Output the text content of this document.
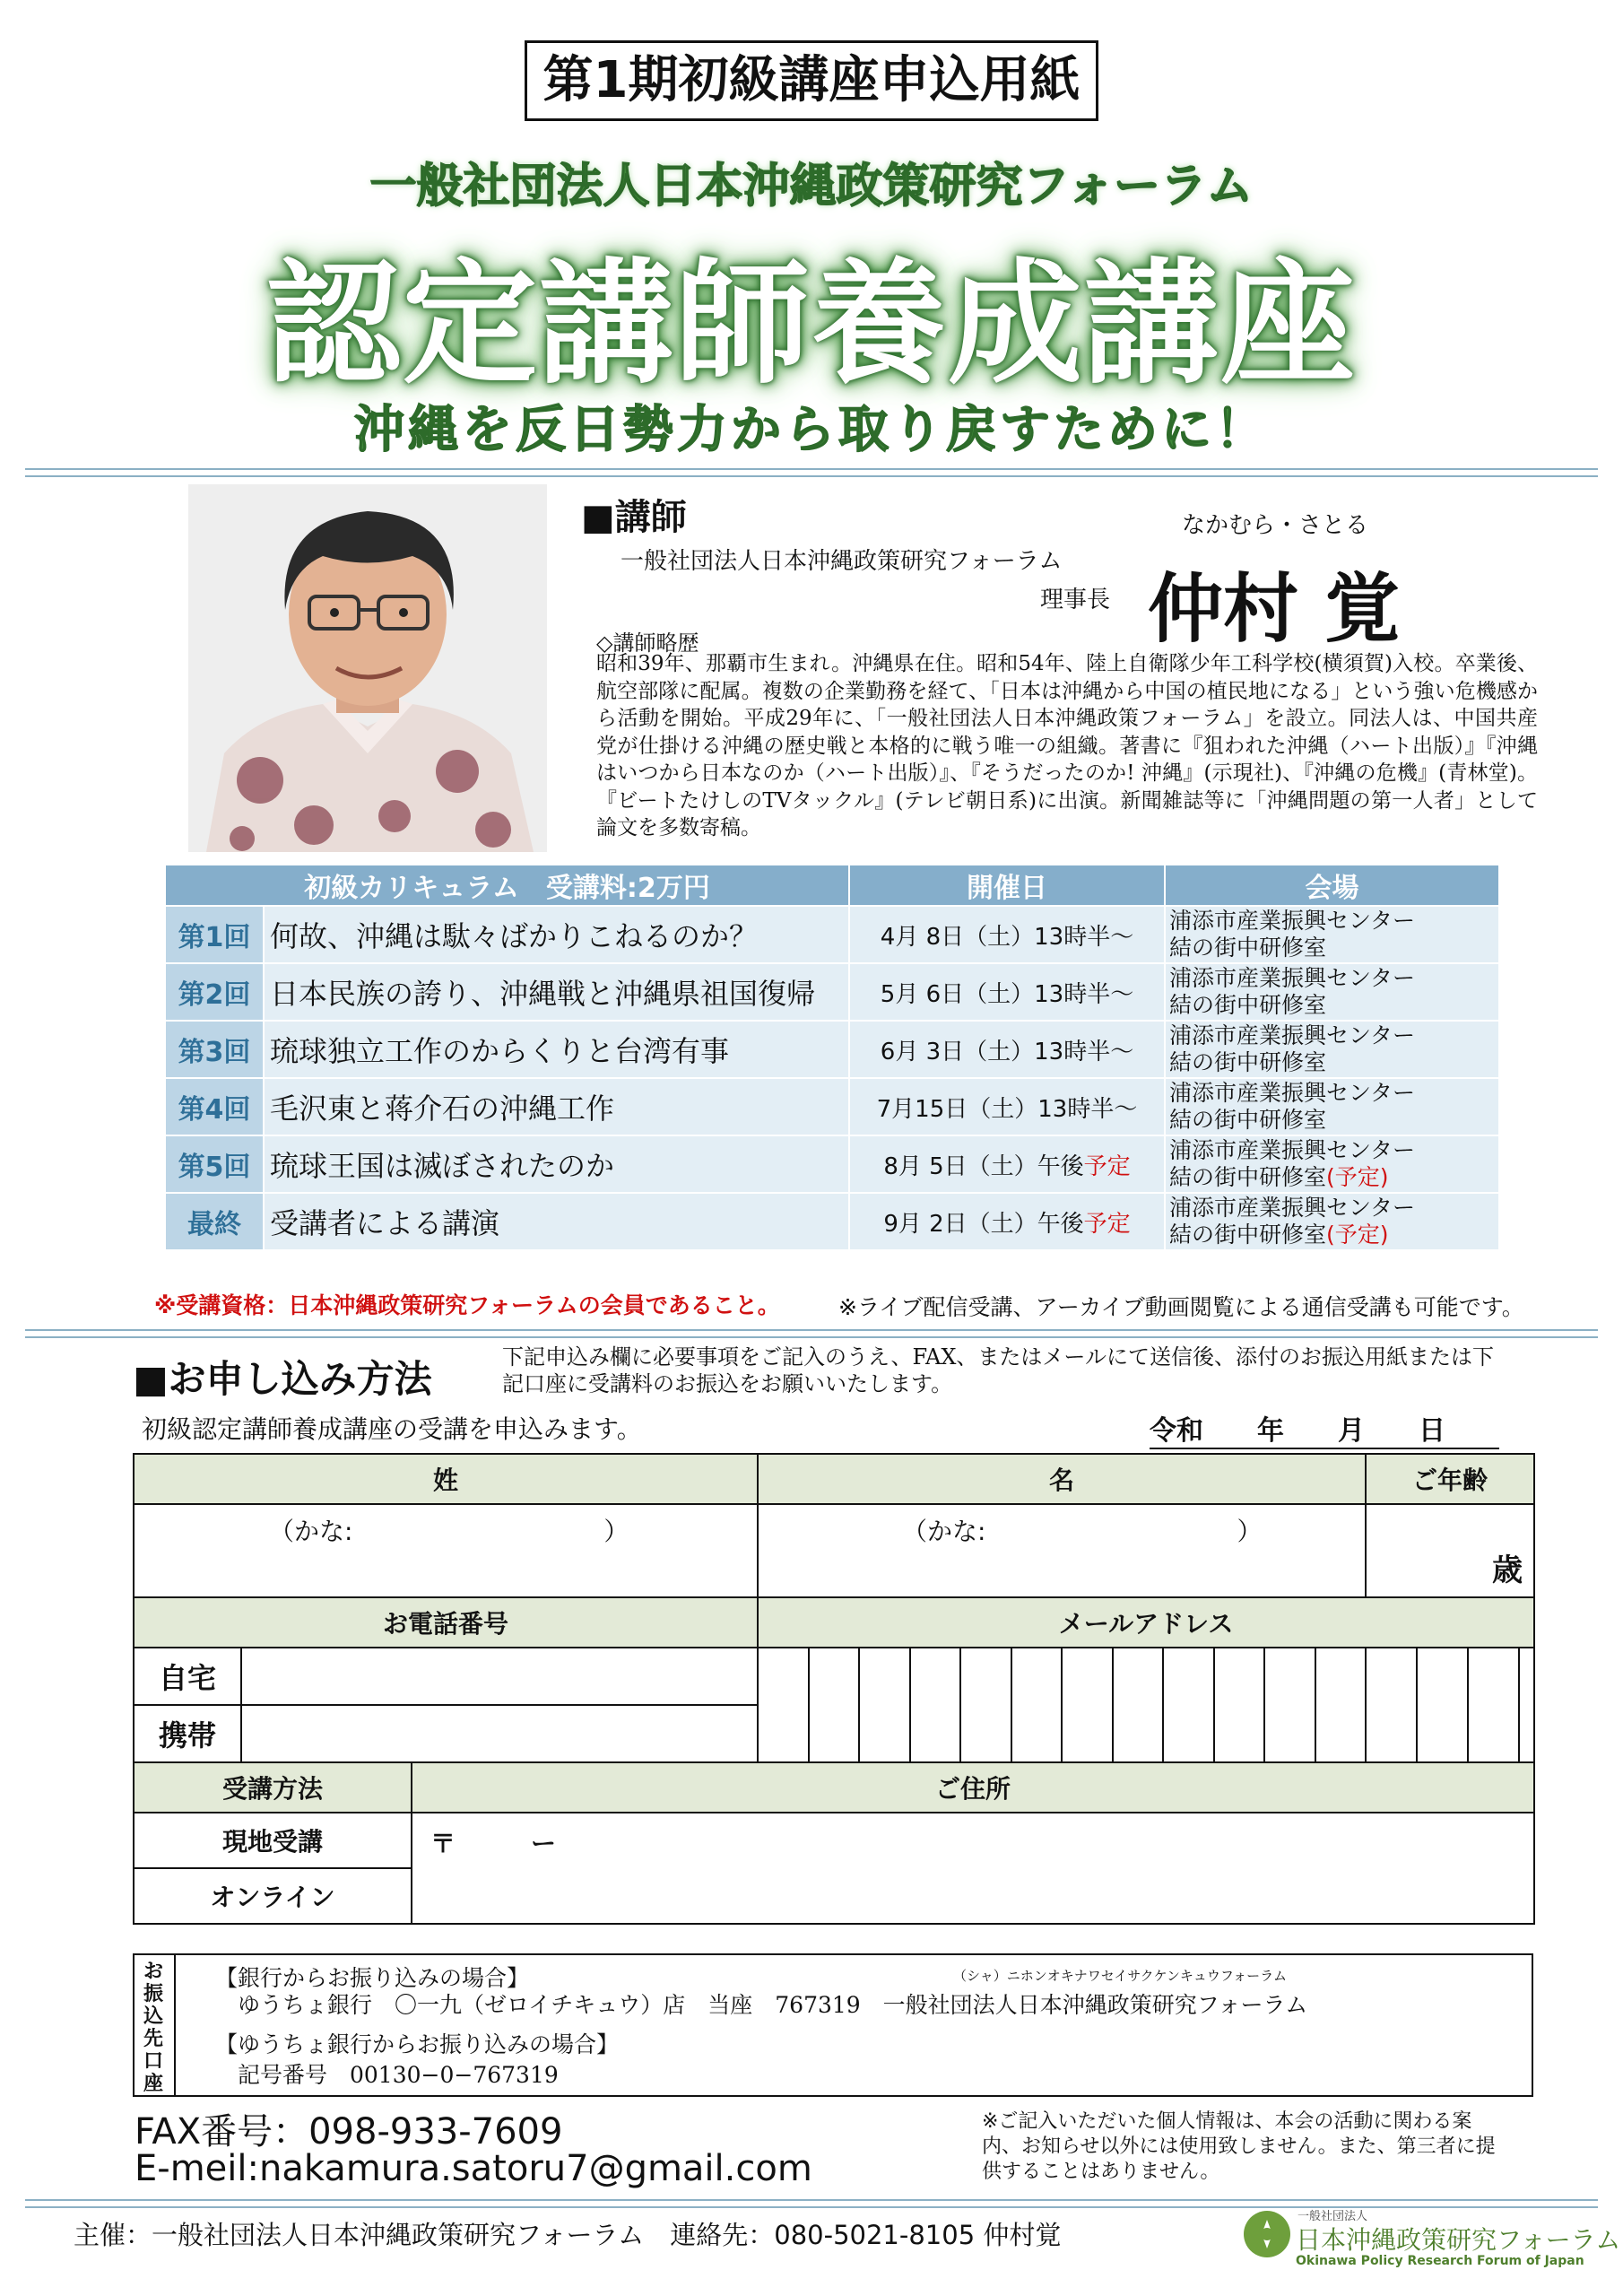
第1期初級講座申込用紙
一般社団法人日本沖縄政策研究フォーラム
認定講師養成講座
沖縄を反日勢力から取り戻すために！
■講師	なかむら・さとる
一般社団法人日本沖縄政策研究フォーラム
理事長 仲村 覚
◇講師略歴
昭和39年、那覇市生まれ。沖縄県在住。昭和54年、陸上自衛隊少年工科学校(横須賀)入校。卒業後、航空部隊に配属。複数の企業勤務を経て、「日本は沖縄から中国の植民地になる」という強い危機感から活動を開始。平成29年に、「一般社団法人日本沖縄政策フォーラム」を設立。同法人は、中国共産党が仕掛ける沖縄の歴史戦と本格的に戦う唯一の組織。著書に『狙われた沖縄（ハート出版）』『沖縄はいつから日本なのか（ハート出版）』、『そうだったのか! 沖縄』(示現社)、『沖縄の危機』(青林堂)。『ビートたけしのTVタックル』(テレビ朝日系)に出演。新聞雑誌等に「沖縄問題の第一人者」として論文を多数寄稿。
初級カリキュラム　受講料:2万円		開催日	会場
第1回	何故、沖縄は駄々ばかりこねるのか？	4月 8日（土）13時半〜	浦添市産業振興センター
結の街中研修室

第2回	日本民族の誇り、沖縄戦と沖縄県祖国復帰	5月 6日（土）13時半〜	浦添市産業振興センター
結の街中研修室

第3回	琉球独立工作のからくりと台湾有事	6月 3日（土）13時半〜	浦添市産業振興センター
結の街中研修室

第4回	毛沢東と蒋介石の沖縄工作	7月15日（土）13時半〜	浦添市産業振興センター
結の街中研修室

第5回	琉球王国は滅ぼされたのか	8月 5日（土）午後予定	浦添市産業振興センター
結の街中研修室(予定)

最終	受講者による講演	9月 2日（土）午後予定	浦添市産業振興センター
結の街中研修室(予定)
※受講資格：日本沖縄政策研究フォーラムの会員であること。	※ライブ配信受講、アーカイブ動画閲覧による通信受講も可能です。
■お申し込み方法	下記申込み欄に必要事項をご記入のうえ、FAX、またはメールにて送信後、添付のお振込用紙または下記口座に受講料のお振込をお願いいたします。
初級認定講師養成講座の受講を申込みます。	令和　　年　　月　　日
姓			名												ご年齢
（かな:　　　　　　　　　　）			（かな:　　　　　　　　　　）												歳
お電話番号			メールアドレス												
自宅															
携帯															
受講方法		ご住所													
現地受講		〒　　　ー													
オンライン															
お振込先口座
【銀行からお振り込みの場合】	（シャ）ニホンオキナワセイサクケンキュウフォーラム
ゆうちょ銀行　〇一九（ゼロイチキュウ）店　当座　767319　一般社団法人日本沖縄政策研究フォーラム
【ゆうちょ銀行からお振り込みの場合】
記号番号　00130−0−767319
FAX番号：098-933-7609
E-meil:nakamura.satoru7@gmail.com
※ご記入いただいた個人情報は、本会の活動に関わる案内、お知らせ以外には使用致しません。また、第三者に提供することはありません。
主催：一般社団法人日本沖縄政策研究フォーラム　連絡先：080-5021-8105 仲村覚
一般社団法人
日本沖縄政策研究フォーラム
Okinawa Policy Research Forum of Japan
